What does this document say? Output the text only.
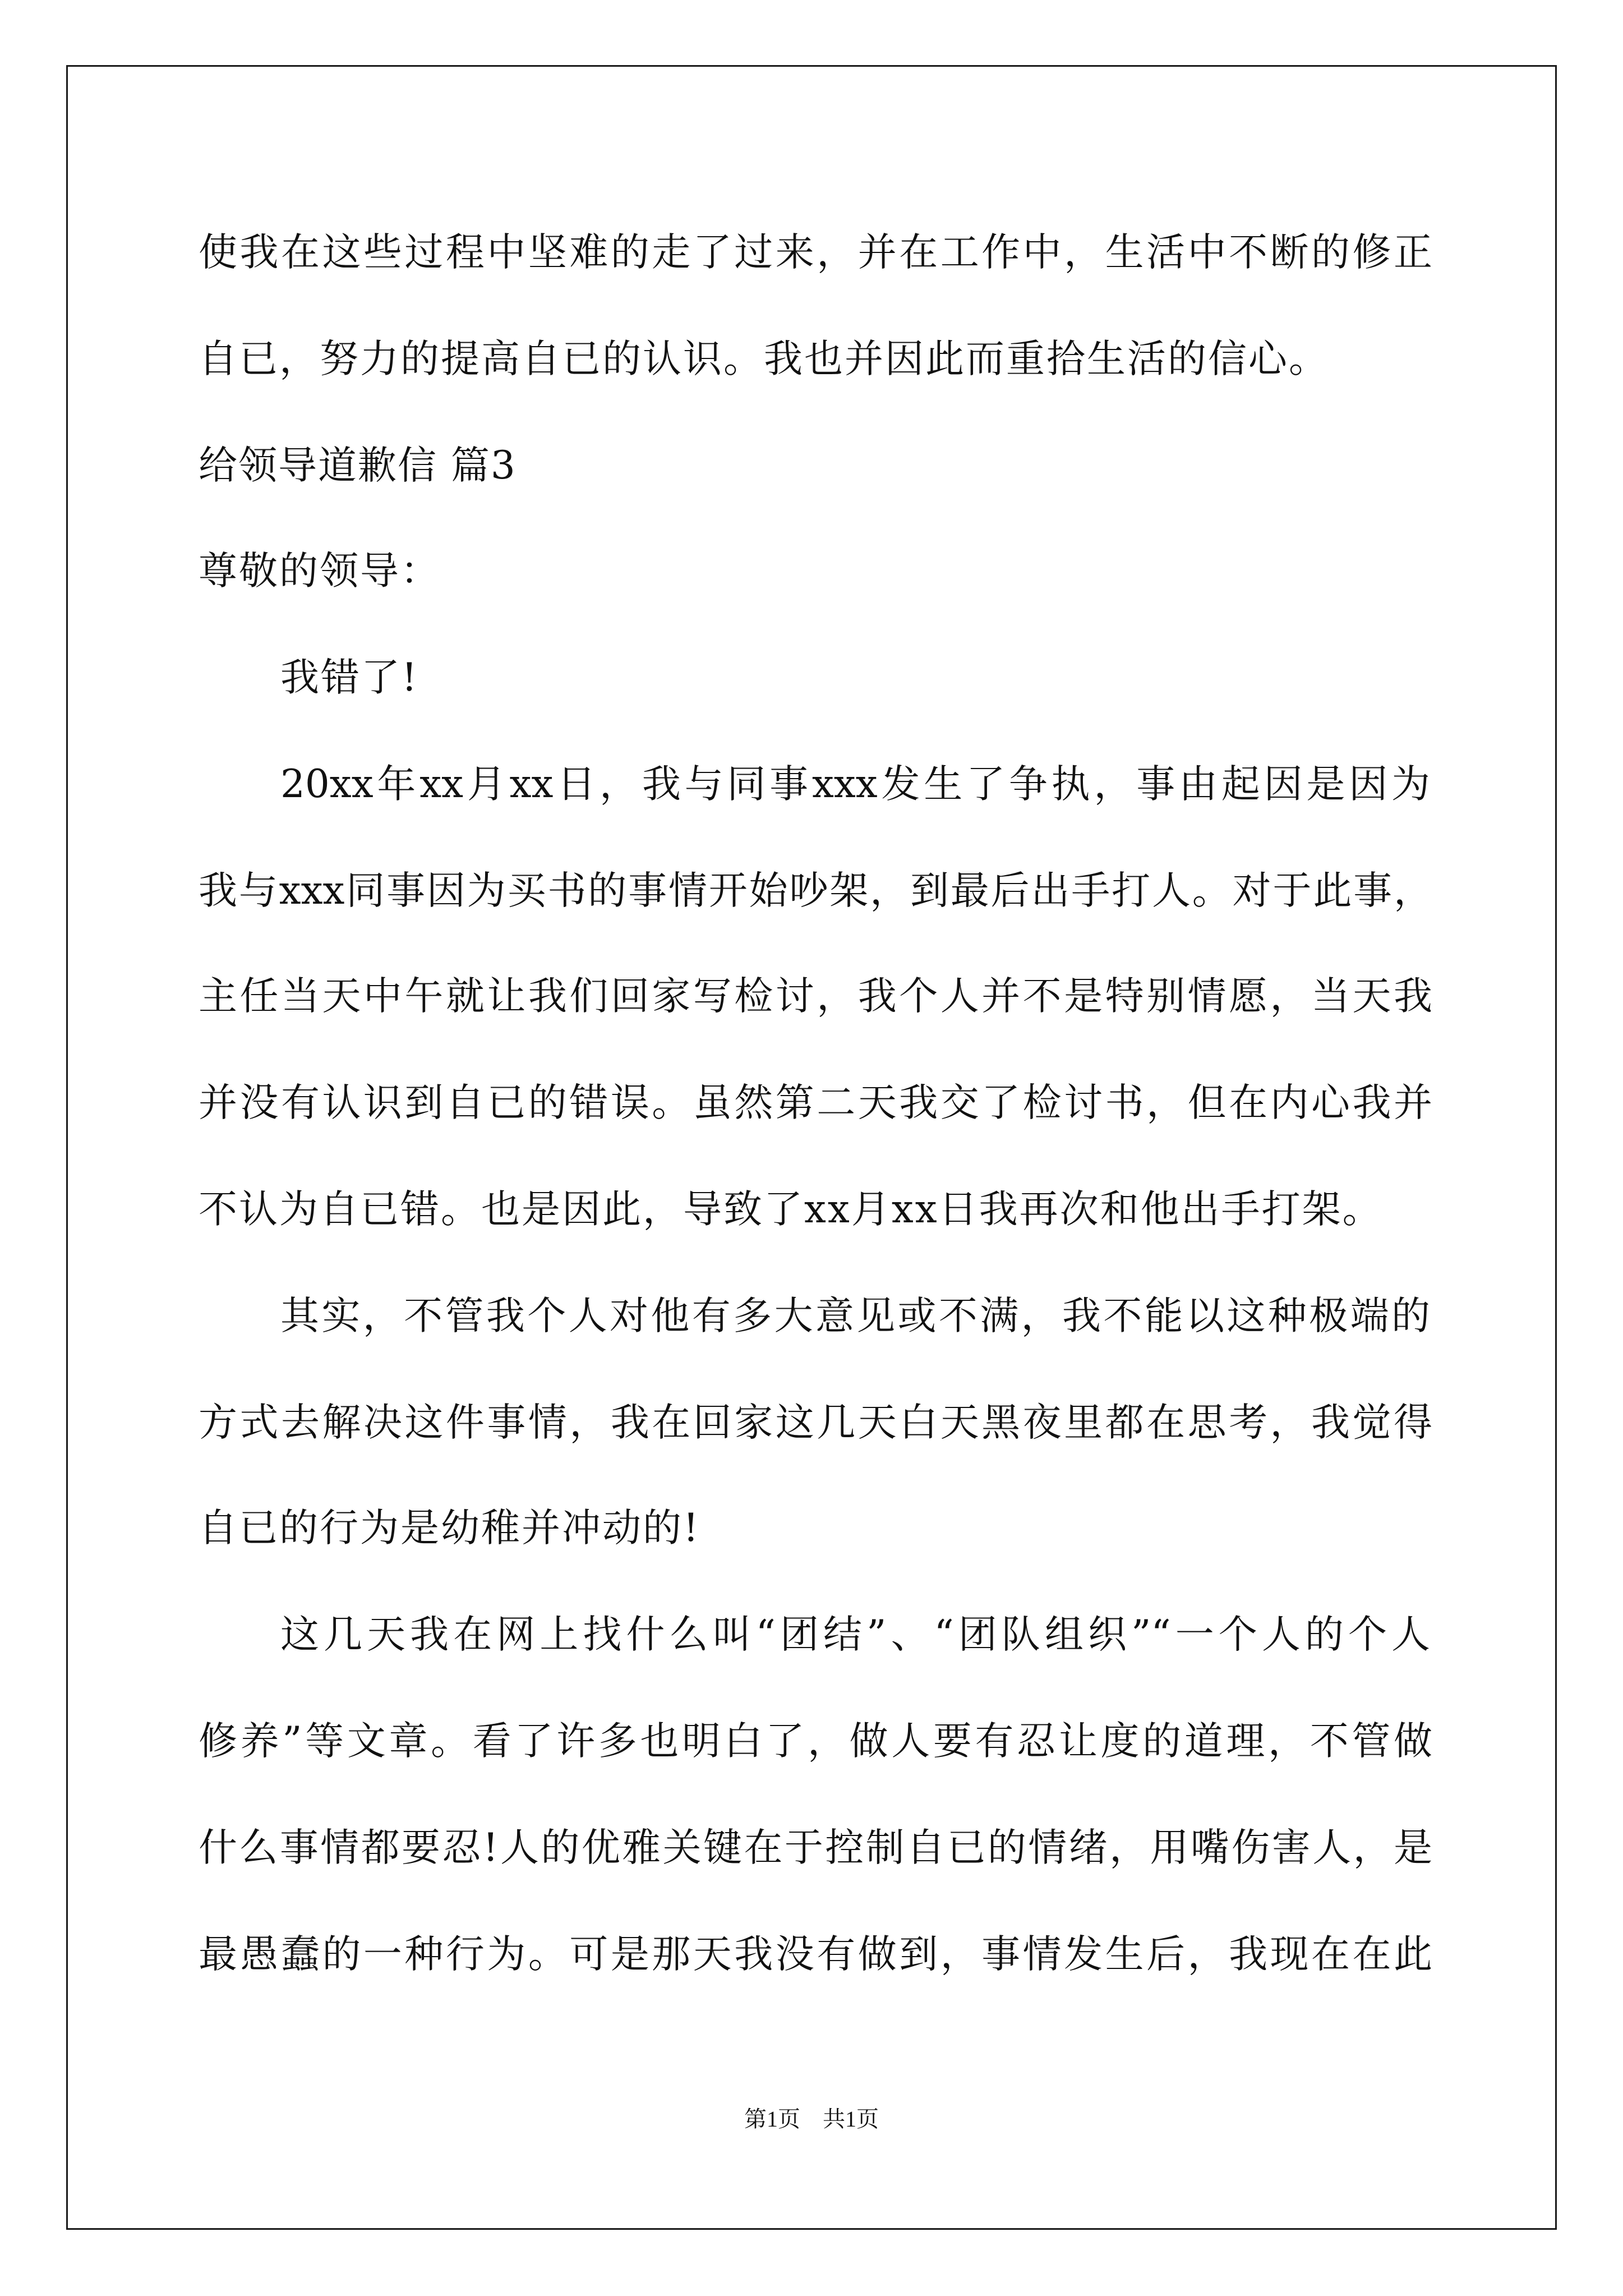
使我在这些过程中坚难的走了过来，并在工作中，生活中不断的修正
自已，努力的提高自已的认识。我也并因此而重拾生活的信心。
给领导道歉信 篇3
尊敬的领导：
我错了!
20xx年xx月xx日，我与同事xxx发生了争执，事由起因是因为
我与xxx同事因为买书的事情开始吵架，到最后出手打人。对于此事，
主任当天中午就让我们回家写检讨，我个人并不是特别情愿，当天我
并没有认识到自已的错误。虽然第二天我交了检讨书，但在内心我并
不认为自已错。也是因此，导致了xx月xx日我再次和他出手打架。
其实，不管我个人对他有多大意见或不满，我不能以这种极端的
方式去解决这件事情，我在回家这几天白天黑夜里都在思考，我觉得
自已的行为是幼稚并冲动的!
这几天我在网上找什么叫“团结”、“团队组织”“一个人的个人
修养”等文章。看了许多也明白了，做人要有忍让度的道理，不管做
什么事情都要忍!人的优雅关键在于控制自已的情绪，用嘴伤害人，是
最愚蠢的一种行为。可是那天我没有做到，事情发生后，我现在在此
第1页　共1页
